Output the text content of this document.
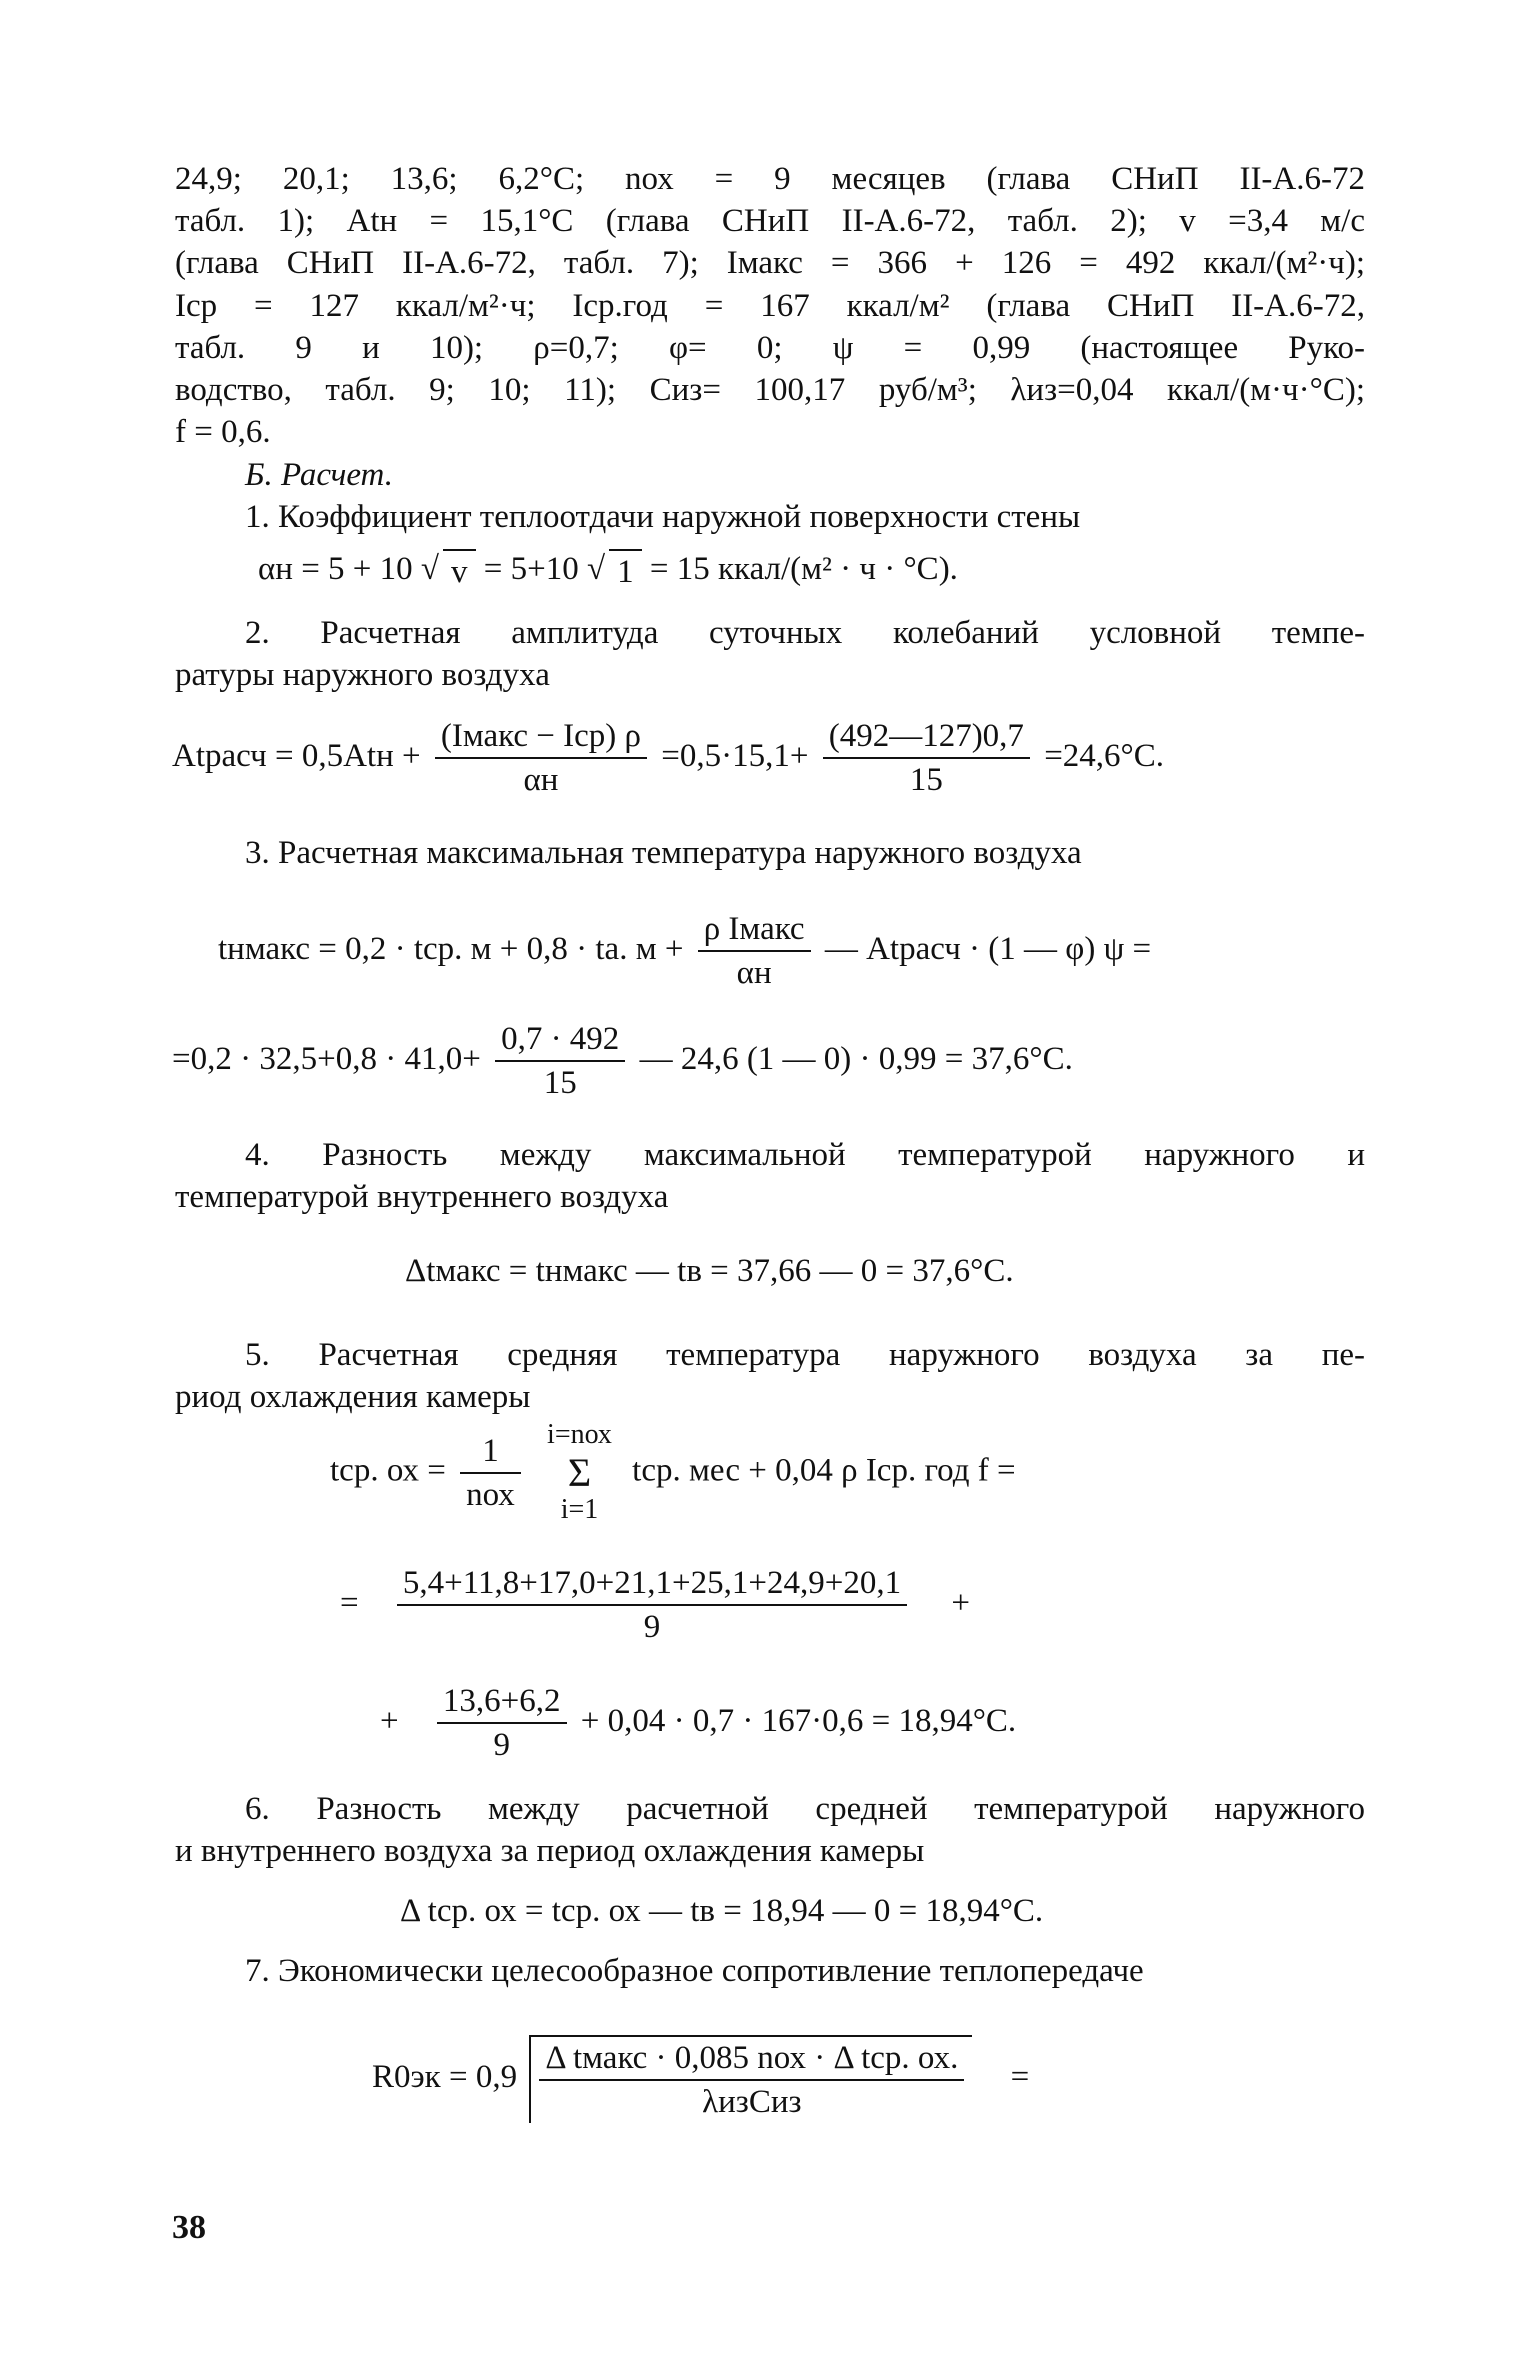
24,9; 20,1; 13,6; 6,2°С; nох = 9 месяцев (глава СНиП II-А.6-72
табл. 1); Atн = 15,1°С (глава СНиП II-А.6-72, табл. 2); v =3,4 м/с
(глава СНиП II-А.6-72, табл. 7); Iмакс = 366 + 126 = 492 ккал/(м²·ч);
Iср = 127 ккал/м²·ч; Iср.год = 167 ккал/м² (глава СНиП II-А.6-72,
табл. 9 и 10); ρ=0,7; φ= 0; ψ = 0,99 (настоящее Руко-
водство, табл. 9; 10; 11); Сиз= 100,17 руб/м³; λиз=0,04 ккал/(м·ч·°С);
f = 0,6.
Б. Расчет.
1. Коэффициент теплоотдачи наружной поверхности стены
αн = 5 + 10 √ v = 5+10 √ 1 = 15 ккал/(м² · ч · °С).
2. Расчетная амплитуда суточных колебаний условной темпе-
ратуры наружного воздуха
Atрасч = $0,5Atн + \frac{\text{(Iмакс − Iср) ρ}}{\alpha н} =0,5\cdot 15,1+ \frac{(492—127)0,7}{15} =24,6^\circ С$.
3. Расчетная максимальная температура наружного воздуха
tнмакс = 0,2 · tср. м + 0,8 · tа. $м + \frac{\text{ρ Iмакс}}{\alpha н}$ — Atрасч · (1 — φ) ψ =
$=0,2 \cdot 32,5+0,8 \cdot 41,0+ \frac{0,7 \cdot 492}{15}$ — 24,6 (1 — 0) · 0,99 = 37,6°С.
4. Разность между максимальной температурой наружного и
температурой внутреннего воздуха
Δtмакс = tнмакс — tв = 37,66 — 0 = 37,6°С.
5. Расчетная средняя температура наружного воздуха за пе-
риод охлаждения камеры
tср. ох = $\frac{1}{\text{nох}} i=nох$
Σ
i=1 tср. мес + 0,04 ρ Iср. год f =
= $\frac{5,4+11,8+17,0+21,1+25,1+24,9+20,1}{9}$ +
+ $\frac{13,6+6,2}{9} + 0,04 \cdot 0,7 \cdot 167\cdot 0,6 = 18,94^\circ С$.
6. Разность между расчетной средней температурой наружного
и внутреннего воздуха за период охлаждения камеры
Δ tср. ох = tср. ох — tв = 18,94 — 0 = 18,94°С.
7. Экономически целесообразное сопротивление теплопередаче
$R0эк = 0,9 \frac{\text{Δ tмакс · 0,085 nох · Δ tср. ох.}}{\text{λизСиз}}$ =
38
